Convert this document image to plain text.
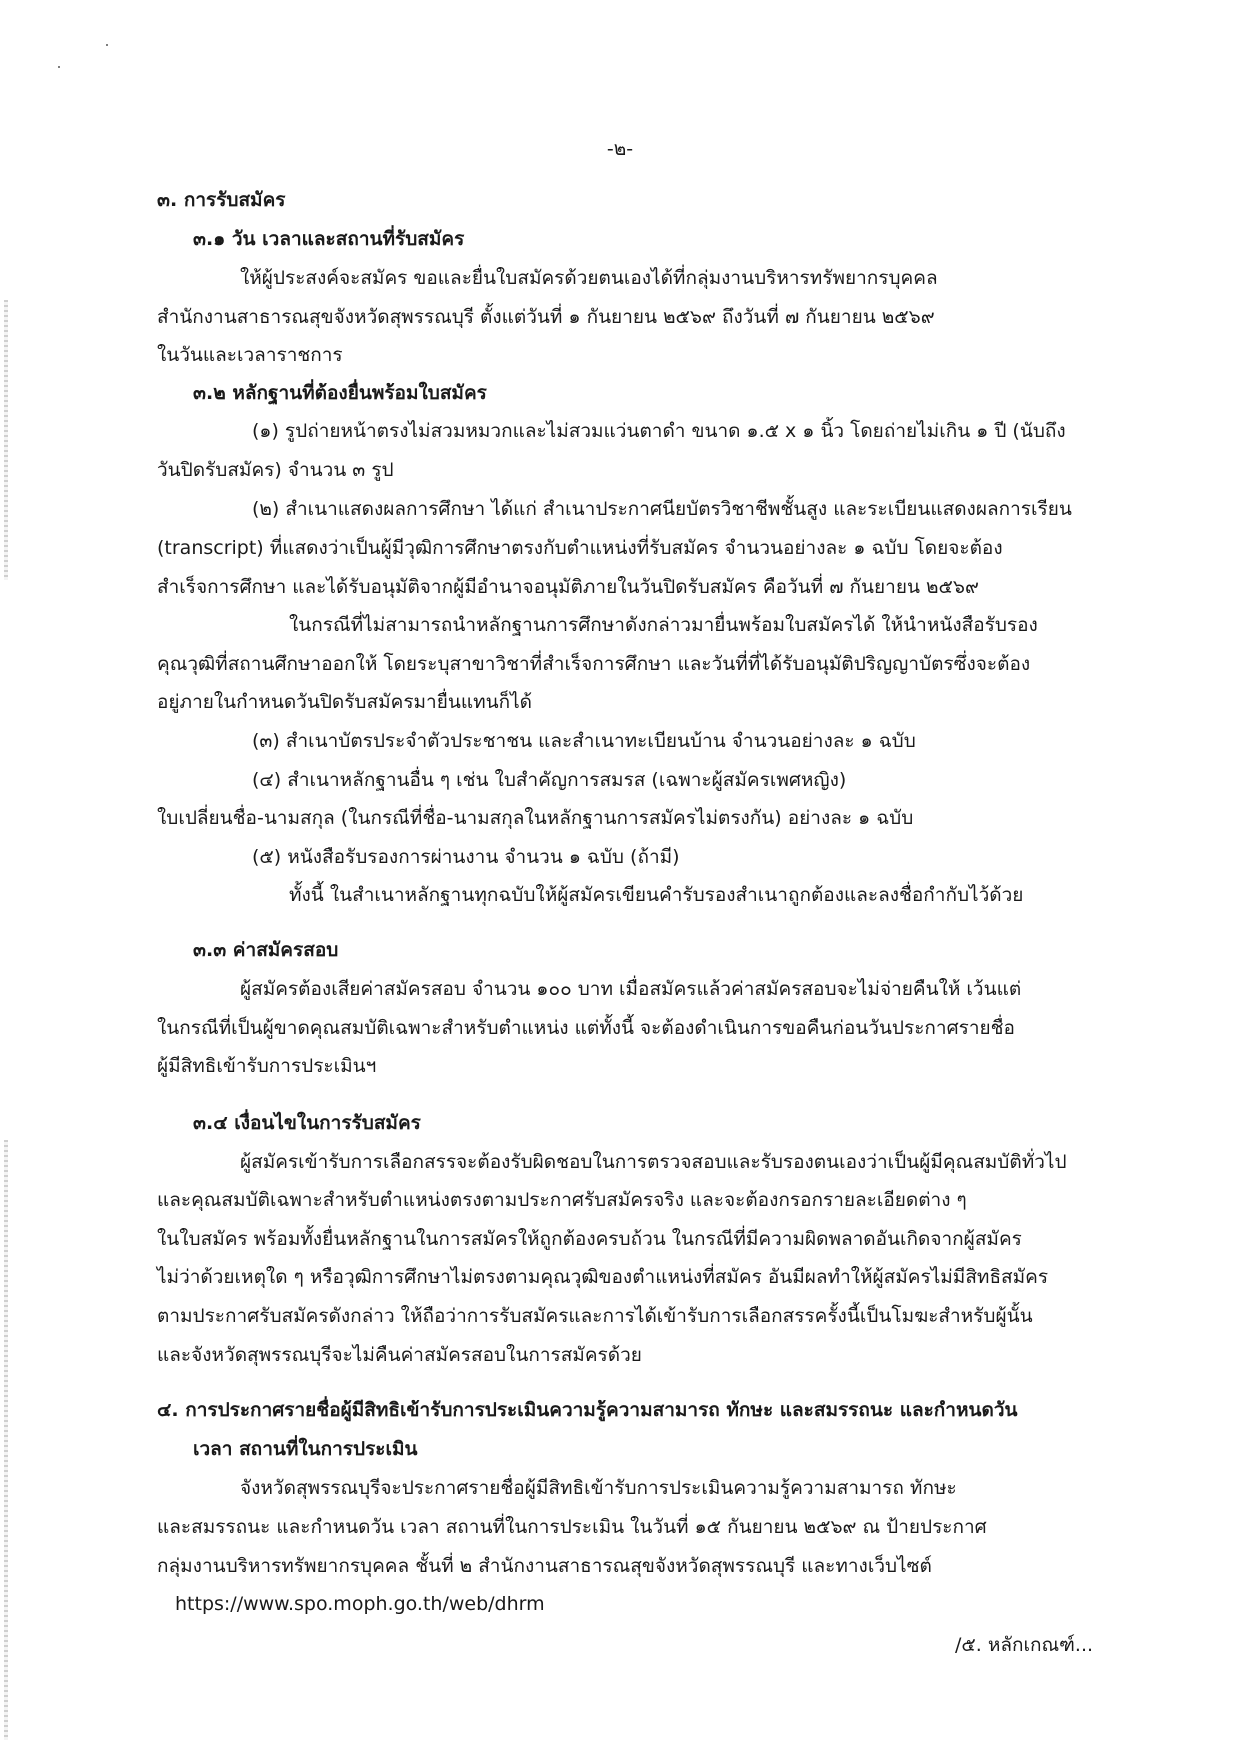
-๒-
๓. การรับสมัคร
๓.๑ วัน เวลาและสถานที่รับสมัคร
ให้ผู้ประสงค์จะสมัคร ขอและยื่นใบสมัครด้วยตนเองได้ที่กลุ่มงานบริหารทรัพยากรบุคคล
สำนักงานสาธารณสุขจังหวัดสุพรรณบุรี ตั้งแต่วันที่ ๑ กันยายน ๒๕๖๙ ถึงวันที่ ๗ กันยายน ๒๕๖๙
ในวันและเวลาราชการ
๓.๒ หลักฐานที่ต้องยื่นพร้อมใบสมัคร
(๑) รูปถ่ายหน้าตรงไม่สวมหมวกและไม่สวมแว่นตาดำ ขนาด ๑.๕ x ๑ นิ้ว โดยถ่ายไม่เกิน ๑ ปี (นับถึง
วันปิดรับสมัคร) จำนวน ๓ รูป
(๒) สำเนาแสดงผลการศึกษา ได้แก่ สำเนาประกาศนียบัตรวิชาชีพชั้นสูง และระเบียนแสดงผลการเรียน
(transcript) ที่แสดงว่าเป็นผู้มีวุฒิการศึกษาตรงกับตำแหน่งที่รับสมัคร จำนวนอย่างละ ๑ ฉบับ โดยจะต้อง
สำเร็จการศึกษา และได้รับอนุมัติจากผู้มีอำนาจอนุมัติภายในวันปิดรับสมัคร คือวันที่ ๗ กันยายน ๒๕๖๙
ในกรณีที่ไม่สามารถนำหลักฐานการศึกษาดังกล่าวมายื่นพร้อมใบสมัครได้ ให้นำหนังสือรับรอง
คุณวุฒิที่สถานศึกษาออกให้ โดยระบุสาขาวิชาที่สำเร็จการศึกษา และวันที่ที่ได้รับอนุมัติปริญญาบัตรซึ่งจะต้อง
อยู่ภายในกำหนดวันปิดรับสมัครมายื่นแทนก็ได้
(๓) สำเนาบัตรประจำตัวประชาชน และสำเนาทะเบียนบ้าน จำนวนอย่างละ ๑ ฉบับ
(๔) สำเนาหลักฐานอื่น ๆ เช่น ใบสำคัญการสมรส (เฉพาะผู้สมัครเพศหญิง)
ใบเปลี่ยนชื่อ-นามสกุล (ในกรณีที่ชื่อ-นามสกุลในหลักฐานการสมัครไม่ตรงกัน) อย่างละ ๑ ฉบับ
(๕) หนังสือรับรองการผ่านงาน จำนวน ๑ ฉบับ (ถ้ามี)
ทั้งนี้ ในสำเนาหลักฐานทุกฉบับให้ผู้สมัครเขียนคำรับรองสำเนาถูกต้องและลงชื่อกำกับไว้ด้วย
๓.๓ ค่าสมัครสอบ
ผู้สมัครต้องเสียค่าสมัครสอบ จำนวน ๑๐๐ บาท เมื่อสมัครแล้วค่าสมัครสอบจะไม่จ่ายคืนให้ เว้นแต่
ในกรณีที่เป็นผู้ขาดคุณสมบัติเฉพาะสำหรับตำแหน่ง แต่ทั้งนี้ จะต้องดำเนินการขอคืนก่อนวันประกาศรายชื่อ
ผู้มีสิทธิเข้ารับการประเมินฯ
๓.๔ เงื่อนไขในการรับสมัคร
ผู้สมัครเข้ารับการเลือกสรรจะต้องรับผิดชอบในการตรวจสอบและรับรองตนเองว่าเป็นผู้มีคุณสมบัติทั่วไป
และคุณสมบัติเฉพาะสำหรับตำแหน่งตรงตามประกาศรับสมัครจริง และจะต้องกรอกรายละเอียดต่าง ๆ
ในใบสมัคร พร้อมทั้งยื่นหลักฐานในการสมัครให้ถูกต้องครบถ้วน ในกรณีที่มีความผิดพลาดอันเกิดจากผู้สมัคร
ไม่ว่าด้วยเหตุใด ๆ หรือวุฒิการศึกษาไม่ตรงตามคุณวุฒิของตำแหน่งที่สมัคร อันมีผลทำให้ผู้สมัครไม่มีสิทธิสมัคร
ตามประกาศรับสมัครดังกล่าว ให้ถือว่าการรับสมัครและการได้เข้ารับการเลือกสรรครั้งนี้เป็นโมฆะสำหรับผู้นั้น
และจังหวัดสุพรรณบุรีจะไม่คืนค่าสมัครสอบในการสมัครด้วย
๔. การประกาศรายชื่อผู้มีสิทธิเข้ารับการประเมินความรู้ความสามารถ ทักษะ และสมรรถนะ และกำหนดวัน
เวลา สถานที่ในการประเมิน
จังหวัดสุพรรณบุรีจะประกาศรายชื่อผู้มีสิทธิเข้ารับการประเมินความรู้ความสามารถ ทักษะ
และสมรรถนะ และกำหนดวัน เวลา สถานที่ในการประเมิน ในวันที่ ๑๕ กันยายน ๒๕๖๙ ณ ป้ายประกาศ
กลุ่มงานบริหารทรัพยากรบุคคล ชั้นที่ ๒ สำนักงานสาธารณสุขจังหวัดสุพรรณบุรี และทางเว็บไซต์
https://www.spo.moph.go.th/web/dhrm
/๕. หลักเกณฑ์...
